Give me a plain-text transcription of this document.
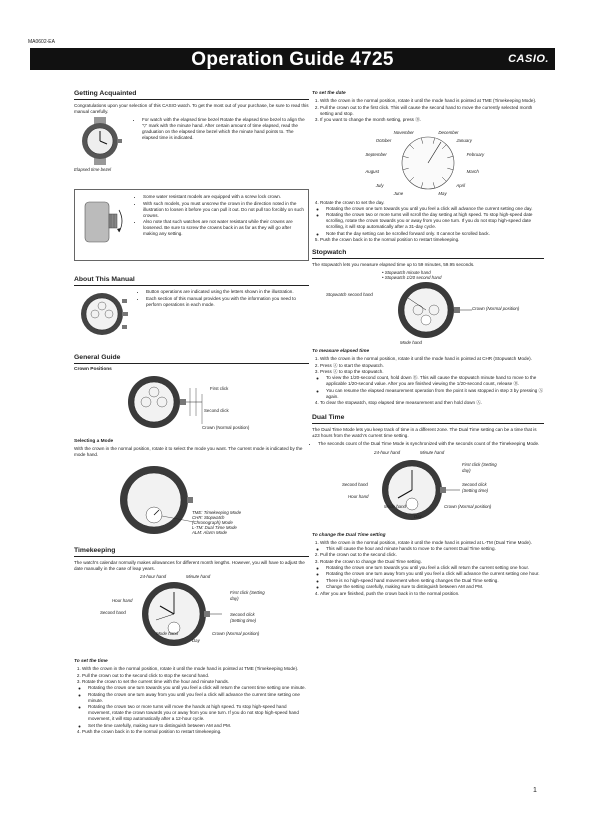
MA0602-EA
Operation Guide 4725	CASIO.
Getting Acquainted

Congratulations upon your selection of this CASIO watch. To get the most out of your purchase, be sure to read this manual carefully.

Elapsed time bezel
• For watch with the elapsed time bezel Rotate the elapsed time bezel to align the '▽' mark with the minute hand. After certain amount of time elapsed, read the graduation on the elapsed time bezel which the minute hand points to. The elapsed time is indicated.
• Some water resistant models are equipped with a screw lock crown.
• With such models, you must unscrew the crown in the direction noted in the illustration to loosen it before you can pull it out. Do not pull too forcibly on such crowns.
• Also note that such watches are not water resistant while their crowns are loosened. Be sure to screw the crowns back in as far as they will go after making any setting.
About This Manual
• Button operations are indicated using the letters shown in the illustration.
• Each section of this manual provides you with the information you need to perform operations in each mode.
General Guide
Crown Positions
First click
Second click
Crown (Normal position)
Selecting a Mode

With the crown in the normal position, rotate it to select the mode you want. The current mode is indicated by the mode hand.

TME: Timekeeping Mode
CHR: Stopwatch
(Chronograph) Mode
L-TM: Dual Time Mode
ALM: Alarm Mode
Timekeeping

The watch's calendar normally makes allowances for different month lengths. However, you will have to adjust the date manually in the case of leap years.

24-hour hand	Minute hand
Hour hand
Second hand
First click (Setting day)
Second click (Setting time)
Crown (Normal position)
Mode hand
Day
To set the time
1. With the crown in the normal position, rotate it until the mode hand is pointed at TME (Timekeeping Mode).
2. Pull the crown out to the second click to stop the second hand.
3. Rotate the crown to set the current time with the hour and minute hands.
◦ Rotating the crown one turn towards you until you feel a click will return the current time setting one minute.
◦ Rotating the crown one turn away from you until you feel a click will advance the current time setting one minute.
◦ Rotating the crown two or more turns will move the hands at high speed. To stop high-speed hand movement, rotate the crown towards you or away from you one turn. If you do not stop high-speed hand movement, it will stop automatically after a 12-hour cycle.
◦ Set the time carefully, making sure to distinguish between AM and PM.
4. Push the crown back in to the normal position to restart timekeeping.
To set the date
1. With the crown in the normal position, rotate it until the mode hand is pointed at TME (Timekeeping Mode).
2. Pull the crown out to the first click. This will cause the second hand to move the currently selected month setting and stop.
3. If you want to change the month setting, press Ⓑ.
December
January
February
March
April
May
June
July
August
September
October
November
4. Rotate the crown to set the day.
◦ Rotating the crown one turn towards you until you feel a click will advance the current setting one day.
◦ Rotating the crown two or more turns will scroll the day setting at high speed. To stop high-speed date scrolling, rotate the crown towards you or away from you one turn. If you do not stop high-speed date scrolling, it will stop automatically after a 31-day cycle.
◦ Note that the day setting can be scrolled forward only. It cannot be scrolled back.
5. Push the crown back in to the normal position to restart timekeeping.
Stopwatch

The stopwatch lets you measure elapsed time up to 59 minutes, 59.95 seconds.

• Stopwatch minute hand
• Stopwatch 1/20 second hand
Stopwatch second hand
Crown (Normal position)
Mode hand
To measure elapsed time
1. With the crown in the normal position, rotate it until the mode hand is pointed at CHR (Stopwatch Mode).
2. Press Ⓐ to start the stopwatch.
3. Press Ⓐ to stop the stopwatch.
◦ To view the 1/20-second count, hold down Ⓑ. This will cause the stopwatch minute hand to move to the applicable 1/20-second value. After you are finished viewing the 1/20-second count, release Ⓑ.
◦ You can resume the elapsed measurement operation from the point it was stopped in step 3 by pressing Ⓐ again.
4. To clear the stopwatch, stop elapsed time measurement and then hold down Ⓐ.
Dual Time

The Dual Time Mode lets you keep track of time in a different zone. The Dual Time setting can be a time that is ±23 hours from the watch's current time setting.

• The seconds count of the Dual Time Mode is synchronized with the seconds count of the Timekeeping Mode.
24-hour hand	Minute hand
Second hand
Hour hand
First click (Setting day)
Second click (Setting time)
Mode hand	Crown (Normal position)
Day
To change the Dual Time setting
1. With the crown in the normal position, rotate it until the mode hand is pointed at L-TM (Dual Time Mode).
◦ This will cause the hour and minute hands to move to the current Dual Time setting.
2. Pull the crown out to the second click.
3. Rotate the crown to change the Dual Time setting.
◦ Rotating the crown one turn towards you until you feel a click will return the current setting one hour.
◦ Rotating the crown one turn away from you until you feel a click will advance the current setting one hour.
◦ There is no high-speed hand movement when setting changes the Dual Time setting.
◦ Change the setting carefully, making sure to distinguish between AM and PM.
4. After you are finished, push the crown back in to the normal position.
1
